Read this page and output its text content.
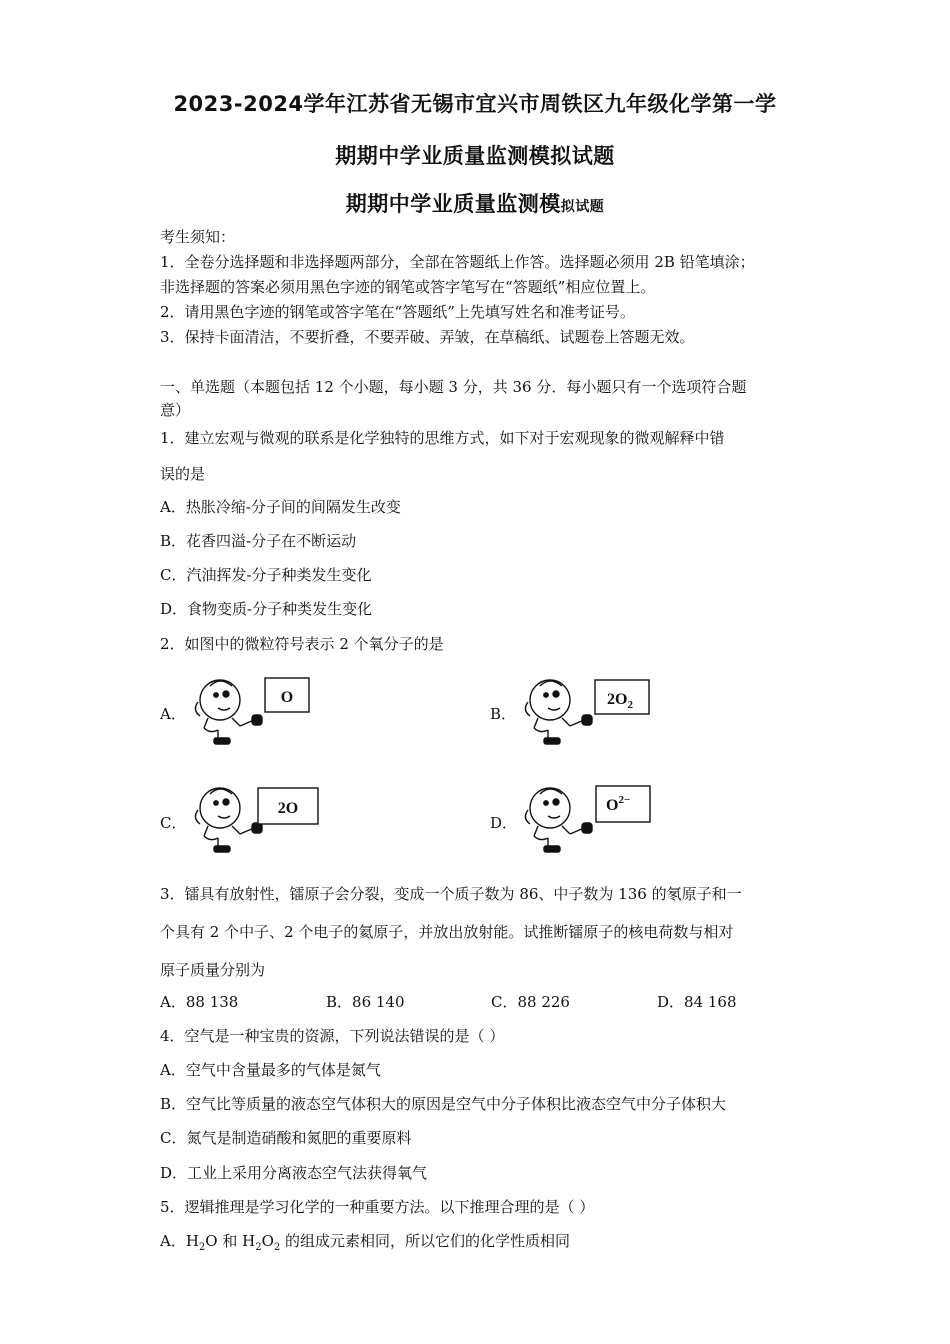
2023-2024学年江苏省无锡市宜兴市周铁区九年级化学第一学
期期中学业质量监测模拟试题
期期中学业质量监测模拟试题
考生须知：
1．全卷分选择题和非选择题两部分，全部在答题纸上作答。选择题必须用 2B 铅笔填涂；
非选择题的答案必须用黑色字迹的钢笔或答字笔写在“答题纸”相应位置上。
2．请用黑色字迹的钢笔或答字笔在“答题纸”上先填写姓名和准考证号。
3．保持卡面清洁，不要折叠，不要弄破、弄皱，在草稿纸、试题卷上答题无效。
一、单选题（本题包括 12 个小题，每小题 3 分，共 36 分．每小题只有一个选项符合题
意）
1．建立宏观与微观的联系是化学独特的思维方式，如下对于宏观现象的微观解释中错
误的是
A．热胀冷缩-分子间的间隔发生改变
B．花香四溢-分子在不断运动
C．汽油挥发-分子种类发生变化
D．食物变质-分子种类发生变化
2．如图中的微粒符号表示 2 个氧分子的是
A．
O
B．
$2O_2$
C．
2O
D．
$O^{2-}$
3．镭具有放射性，镭原子会分裂，变成一个质子数为 86、中子数为 136 的氡原子和一
个具有 2 个中子、2 个电子的氦原子，并放出放射能。试推断镭原子的核电荷数与相对
原子质量分别为
A．88 138	B．86 140	C．88 226	D．84 168
4．空气是一种宝贵的资源，下列说法错误的是（ ）
A．空气中含量最多的气体是氮气
B．空气比等质量的液态空气体积大的原因是空气中分子体积比液态空气中分子体积大
C．氮气是制造硝酸和氮肥的重要原料
D．工业上采用分离液态空气法获得氧气
5．逻辑推理是学习化学的一种重要方法。以下推理合理的是（ ）
A．$H_2O$ 和 $H_2O_2$ 的组成元素相同，所以它们的化学性质相同
